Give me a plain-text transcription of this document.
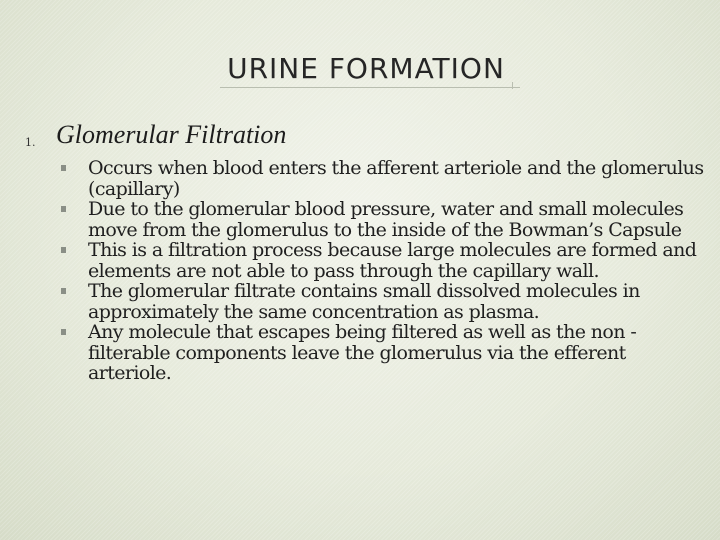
URINE FORMATION
1. Glomerular Filtration
Occurs when blood enters the afferent arteriole and the glomerulus (capillary)
Due to the glomerular blood pressure, water and small molecules move from the glomerulus to the inside of the Bowman’s Capsule
This is a filtration process because large molecules are formed and elements are not able to pass through the capillary wall.
The glomerular filtrate contains small dissolved molecules in approximately the same concentration as plasma.
Any molecule that escapes being filtered as well as the non -filterable components leave the glomerulus via the efferent arteriole.
